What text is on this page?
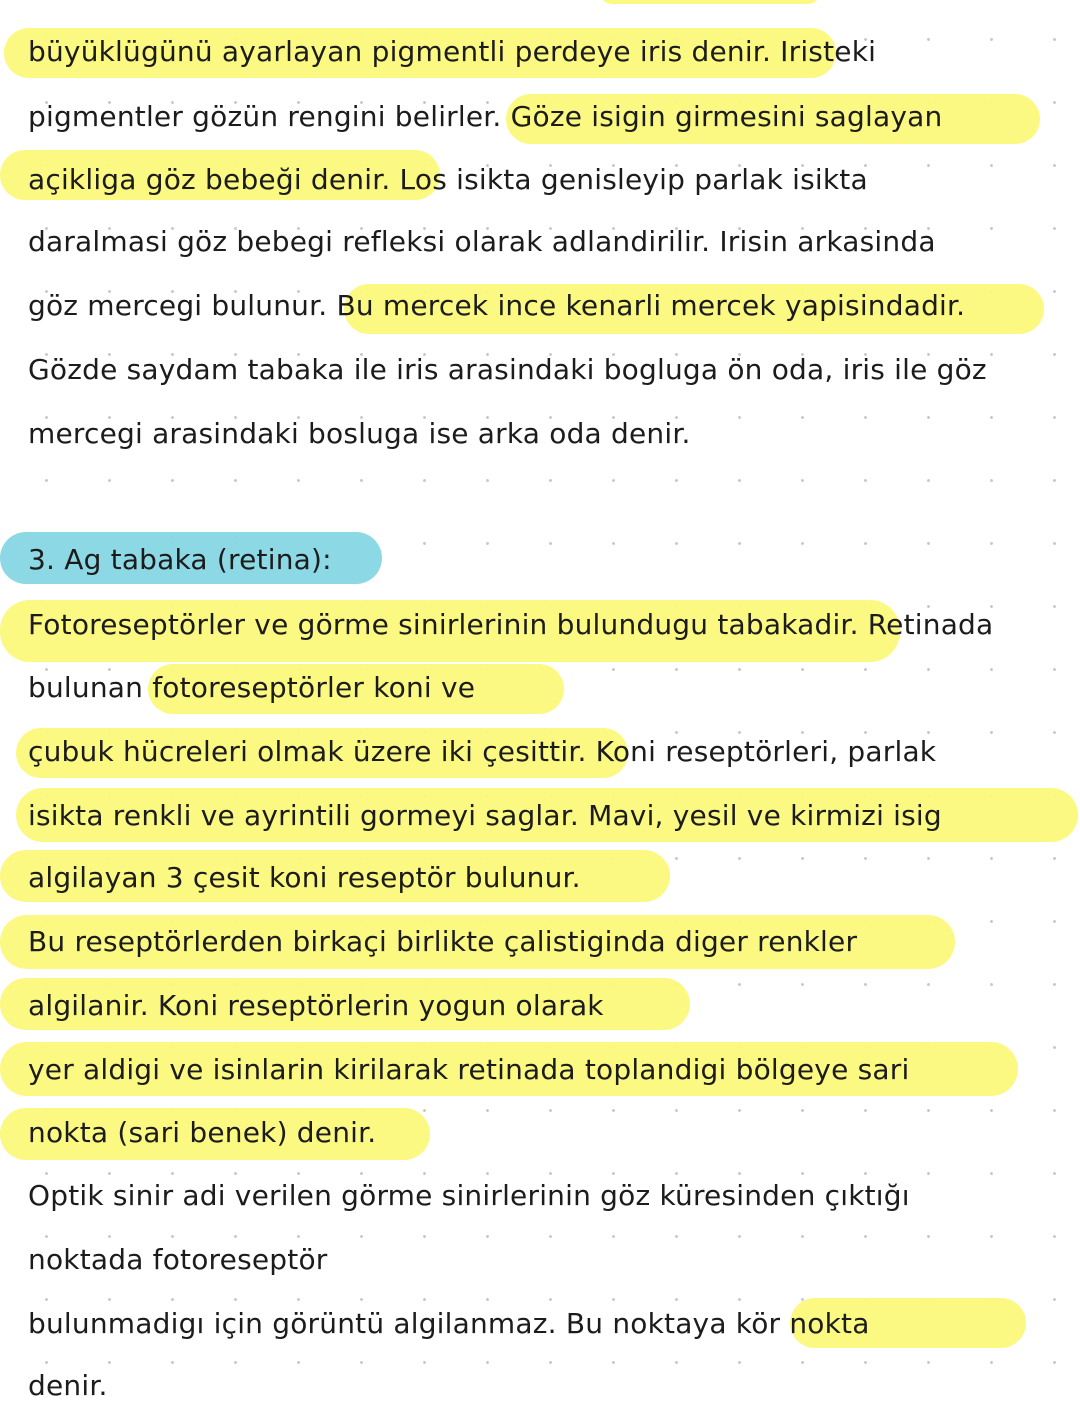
büyüklügünü ayarlayan pigmentli perdeye iris denir. Iristeki
pigmentler gözün rengini belirler. Göze isigin girmesini saglayan
açikliga göz bebeği denir. Los isikta genisleyip parlak isikta
daralmasi göz bebegi refleksi olarak adlandirilir. Irisin arkasinda
göz mercegi bulunur. Bu mercek ince kenarli mercek yapisindadir.
Gözde saydam tabaka ile iris arasindaki bogluga ön oda, iris ile göz
mercegi arasindaki bosluga ise arka oda denir.
3. Ag tabaka (retina):
Fotoreseptörler ve görme sinirlerinin bulundugu tabakadir. Retinada
bulunan fotoreseptörler koni ve
çubuk hücreleri olmak üzere iki çesittir. Koni reseptörleri, parlak
isikta renkli ve ayrintili gormeyi saglar. Mavi, yesil ve kirmizi isig
algilayan 3 çesit koni reseptör bulunur.
Bu reseptörlerden birkaçi birlikte çalistiginda diger renkler
algilanir. Koni reseptörlerin yogun olarak
yer aldigi ve isinlarin kirilarak retinada toplandigi bölgeye sari
nokta (sari benek) denir.
Optik sinir adi verilen görme sinirlerinin göz küresinden çıktığı
noktada fotoreseptör
bulunmadigı için görüntü algilanmaz. Bu noktaya kör nokta
denir.
